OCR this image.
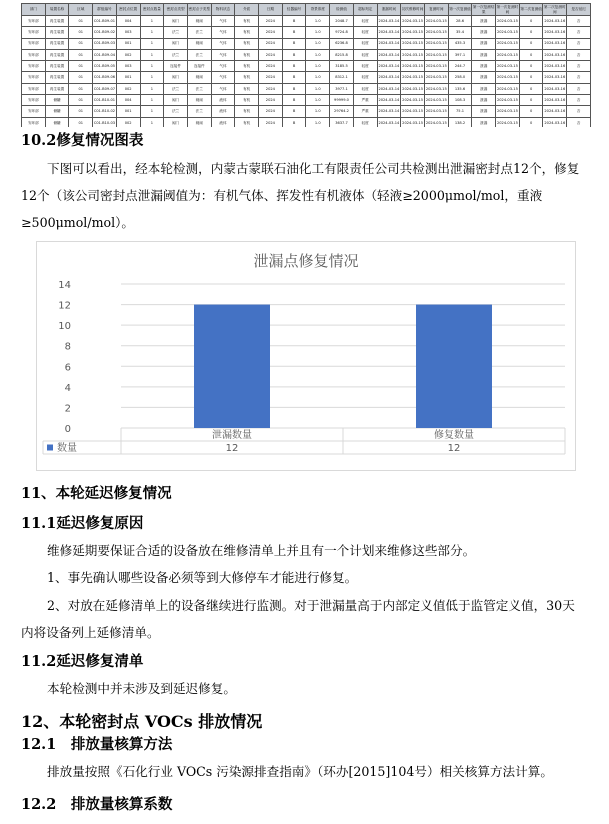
部门	装置名称	区域	群组编号	密封点位置	密封点数量	密封点类型	密封点子类型	物料状态	介质	日期	仪器编号	背景浓度	检测值	超标判定	泄漏时间	初次维修时间	复测时间	第一次复测值	第一次复测结果	第一次复测时间	第二次复测值	第二次复测时间	是否延迟
安环部	再生装置	01	C01.B09-01	004	1	阀门	闸阀	气体	有机	2024	B	1.0	2048.7	轻度	2024-03-14	2024-03-15	2024-03-15	28.6	泄漏	2024-03-15	0	2024-03-16	否
安环部	再生装置	01	C01.B09-02	003	1	法兰	法兰	气体	有机	2024	B	1.0	9724.8	轻度	2024-03-14	2024-03-15	2024-03-15	35.4	泄漏	2024-03-15	0	2024-03-16	否
安环部	再生装置	01	C01.B09-03	001	1	阀门	闸阀	气体	有机	2024	B	1.0	6236.8	轻度	2024-03-14	2024-03-15	2024-03-15	435.3	泄漏	2024-03-15	0	2024-03-16	否
安环部	再生装置	01	C01.B09-04	002	1	法兰	法兰	气体	有机	2024	B	1.0	8215.8	轻度	2024-03-14	2024-03-15	2024-03-15	397.1	泄漏	2024-03-15	0	2024-03-16	否
安环部	再生装置	01	C01.B09-05	003	1	连接件	连接件	气体	有机	2024	B	1.0	3185.5	轻度	2024-03-14	2024-03-15	2024-03-15	244.7	泄漏	2024-03-15	0	2024-03-16	否
安环部	再生装置	01	C01.B09-06	001	1	阀门	闸阀	气体	有机	2024	B	1.0	8312.1	轻度	2024-03-14	2024-03-15	2024-03-15	258.0	泄漏	2024-03-15	0	2024-03-16	否
安环部	再生装置	01	C01.B09-07	002	1	法兰	法兰	气体	有机	2024	B	1.0	3977.1	轻度	2024-03-14	2024-03-15	2024-03-15	135.6	泄漏	2024-03-15	0	2024-03-16	否
安环部	储罐	01	C01.B10-01	004	1	阀门	闸阀	液体	有机	2024	B	1.0	99999.0	严重	2024-03-14	2024-03-15	2024-03-15	108.3	泄漏	2024-03-15	0	2024-03-16	否
安环部	储罐	01	C01.B10-02	001	1	法兰	法兰	液体	有机	2024	B	1.0	29764.2	严重	2024-03-14	2024-03-15	2024-03-15	75.1	泄漏	2024-03-15	0	2024-03-16	否
安环部	储罐	01	C01.B10-03	002	1	阀门	闸阀	液体	有机	2024	B	1.0	3637.7	轻度	2024-03-14	2024-03-15	2024-03-15	138.2	泄漏	2024-03-15	0	2024-03-16	否

10.2修复情况图表
下图可以看出，经本轮检测，内蒙古蒙联石油化工有限责任公司共检测出泄漏密封点12个，修复12个（该公司密封点泄漏阈值为：有机气体、挥发性有机液体（轻液≥2000μmol/mol，重液≥500μmol/mol）。
泄漏点修复情况
0
2
4
6
8
10
12
14
泄漏数量
12
修复数量
12
数量
11、本轮延迟修复情况
11.1延迟修复原因
维修延期要保证合适的设备放在维修清单上并且有一个计划来维修这些部分。
1、事先确认哪些设备必须等到大修停车才能进行修复。
2、对放在延修清单上的设备继续进行监测。对于泄漏量高于内部定义值低于监管定义值，30天内将设备列上延修清单。
11.2延迟修复清单
本轮检测中并未涉及到延迟修复。
12、本轮密封点 VOCs 排放情况
12.1　排放量核算方法
排放量按照《石化行业 VOCs 污染源排查指南》（环办[2015]104号）相关核算方法计算。
12.2　排放量核算系数
